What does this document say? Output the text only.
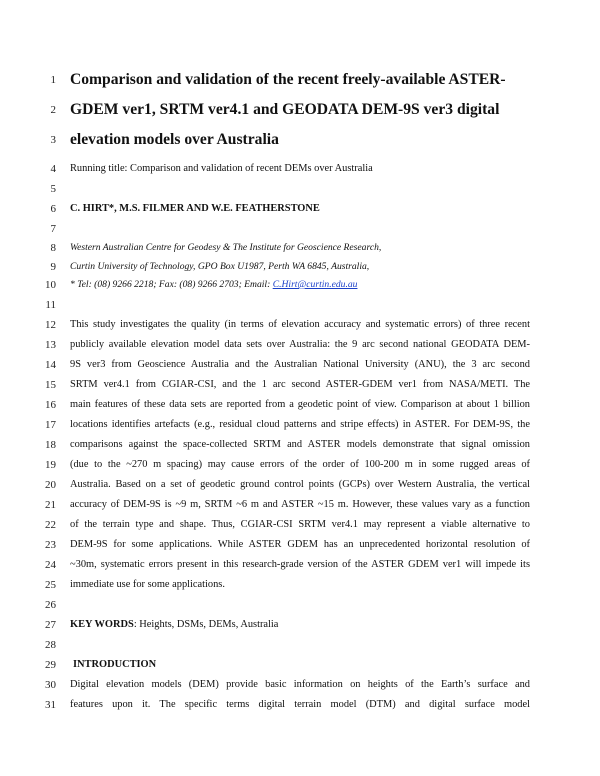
1
2
3
4
5
6
7
8
9
10
11
12
13
14
15
16
17
18
19
20
21
22
23
24
25
26
27
28
29
30
31
Comparison and validation of the recent freely-available ASTER-
GDEM ver1, SRTM ver4.1 and GEODATA DEM-9S ver3 digital
elevation models over Australia
Running title: Comparison and validation of recent DEMs over Australia
C. HIRT*, M.S. FILMER AND W.E. FEATHERSTONE
Western Australian Centre for Geodesy & The Institute for Geoscience Research,
Curtin University of Technology, GPO Box U1987, Perth WA 6845, Australia,
* Tel: (08) 9266 2218; Fax: (08) 9266 2703; Email: C.Hirt@curtin.edu.au
This study investigates the quality (in terms of elevation accuracy and systematic errors) of three recent
publicly available elevation model data sets over Australia: the 9 arc second national GEODATA DEM-
9S ver3 from Geoscience Australia and the Australian National University (ANU), the 3 arc second
SRTM ver4.1 from CGIAR-CSI, and the 1 arc second ASTER-GDEM ver1 from NASA/METI. The
main features of these data sets are reported from a geodetic point of view. Comparison at about 1 billion
locations identifies artefacts (e.g., residual cloud patterns and stripe effects) in ASTER. For DEM-9S, the
comparisons against the space-collected SRTM and ASTER models demonstrate that signal omission
(due to the ~270 m spacing) may cause errors of the order of 100-200 m in some rugged areas of
Australia. Based on a set of geodetic ground control points (GCPs) over Western Australia, the vertical
accuracy of DEM-9S is ~9 m, SRTM ~6 m and ASTER ~15 m. However, these values vary as a function
of the terrain type and shape. Thus, CGIAR-CSI SRTM ver4.1 may represent a viable alternative to
DEM-9S for some applications. While ASTER GDEM has an unprecedented horizontal resolution of
~30m, systematic errors present in this research-grade version of the ASTER GDEM ver1 will impede its
immediate use for some applications.
KEY WORDS: Heights, DSMs, DEMs, Australia
INTRODUCTION
Digital elevation models (DEM) provide basic information on heights of the Earth’s surface and
features upon it. The specific terms digital terrain model (DTM) and digital surface model
